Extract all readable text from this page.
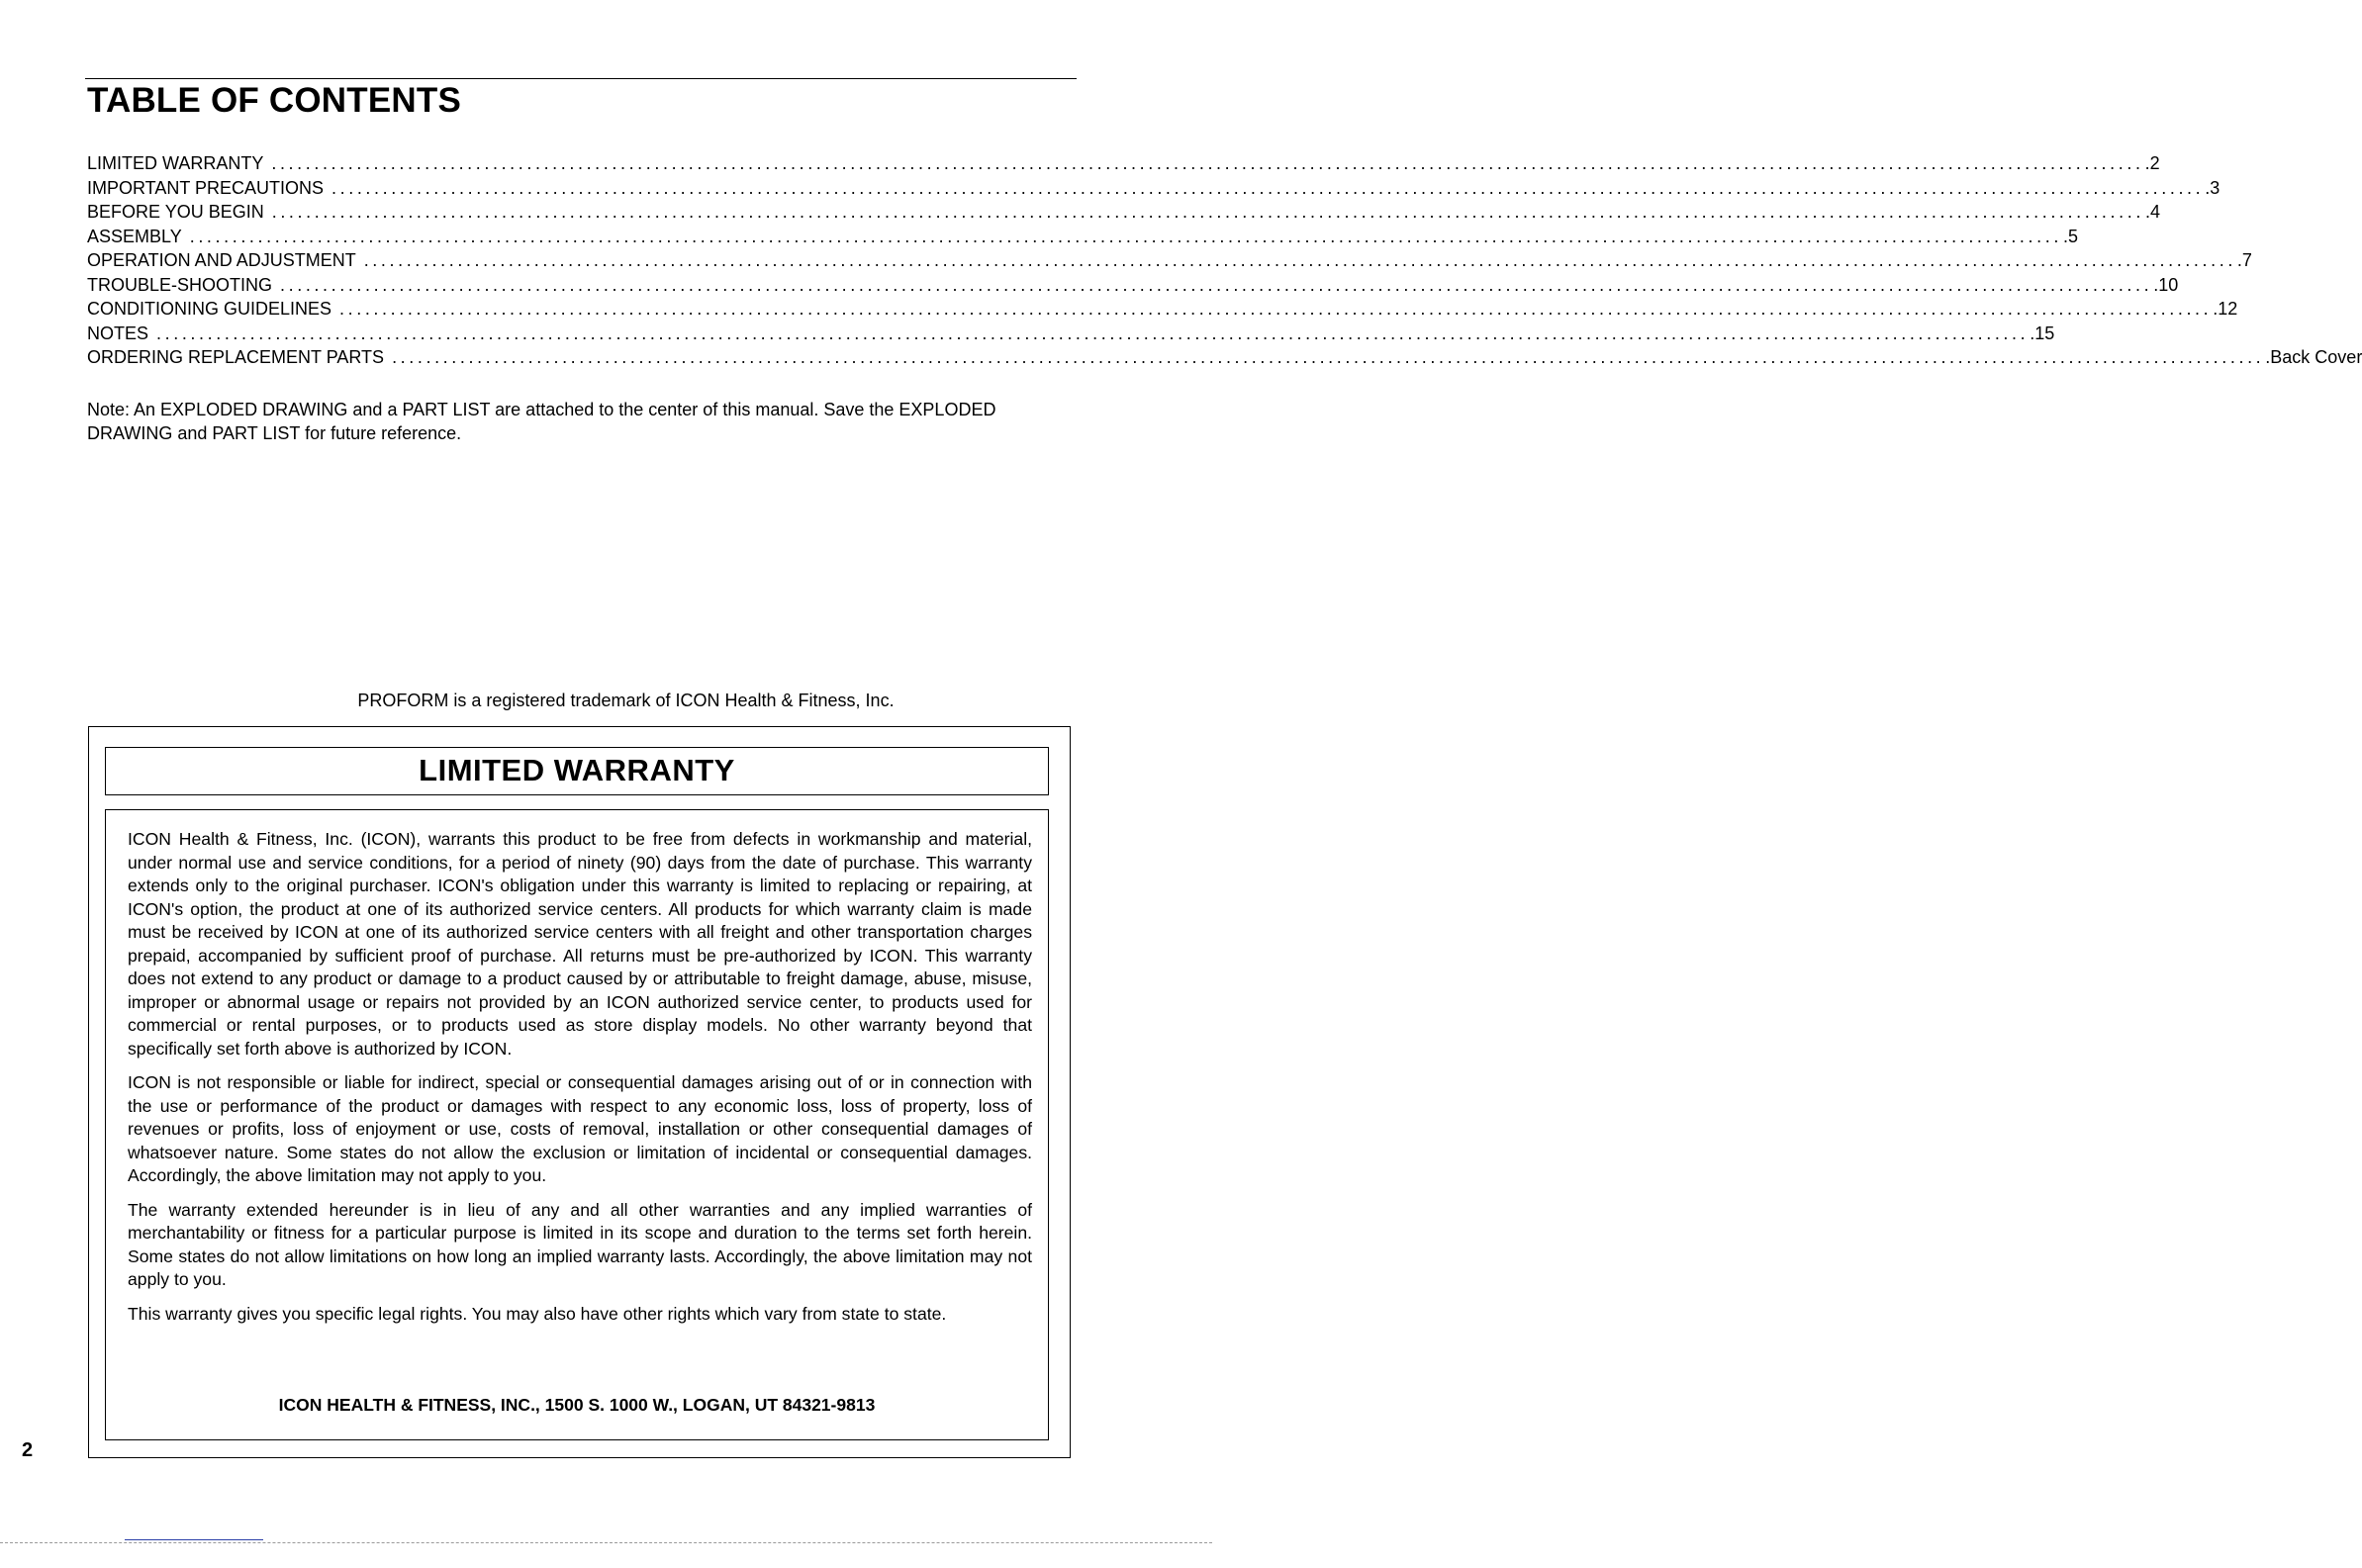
TABLE OF CONTENTS
LIMITED WARRANTY ............................................................................................................................................................................................................................ .2
IMPORTANT PRECAUTIONS ............................................................................................................................................................................................................................ .3
BEFORE YOU BEGIN ............................................................................................................................................................................................................................ .4
ASSEMBLY ............................................................................................................................................................................................................................ .5
OPERATION AND ADJUSTMENT ............................................................................................................................................................................................................................ .7
TROUBLE-SHOOTING ............................................................................................................................................................................................................................ .10
CONDITIONING GUIDELINES ............................................................................................................................................................................................................................ .12
NOTES ............................................................................................................................................................................................................................ .15
ORDERING REPLACEMENT PARTS ............................................................................................................................................................................................................................ .Back Cover

Note: An EXPLODED DRAWING and a PART LIST are attached to the center of this manual. Save the EXPLODED DRAWING and PART LIST for future reference.

PROFORM is a registered trademark of ICON Health & Fitness, Inc.

LIMITED WARRANTY

ICON Health & Fitness, Inc. (ICON), warrants this product to be free from defects in workmanship and material, under normal use and service conditions, for a period of ninety (90) days from the date of purchase. This warranty extends only to the original purchaser. ICON's obligation under this warranty is limited to replacing or repairing, at ICON's option, the product at one of its authorized service centers. All products for which warranty claim is made must be received by ICON at one of its authorized service centers with all freight and other transportation charges prepaid, accompanied by sufficient proof of purchase. All returns must be pre-authorized by ICON. This warranty does not extend to any product or damage to a product caused by or attributable to freight damage, abuse, misuse, improper or abnormal usage or repairs not provided by an ICON authorized service center, to products used for commercial or rental purposes, or to products used as store display models. No other warranty beyond that specifically set forth above is authorized by ICON.

ICON is not responsible or liable for indirect, special or consequential damages arising out of or in connection with the use or performance of the product or damages with respect to any economic loss, loss of property, loss of revenues or profits, loss of enjoyment or use, costs of removal, installation or other consequential damages of whatsoever nature. Some states do not allow the exclusion or limitation of incidental or consequential damages. Accordingly, the above limitation may not apply to you.

The warranty extended hereunder is in lieu of any and all other warranties and any implied warranties of merchantability or fitness for a particular purpose is limited in its scope and duration to the terms set forth herein. Some states do not allow limitations on how long an implied warranty lasts. Accordingly, the above limitation may not apply to you.

This warranty gives you specific legal rights. You may also have other rights which vary from state to state.

ICON HEALTH & FITNESS, INC., 1500 S. 1000 W., LOGAN, UT 84321-9813

2
